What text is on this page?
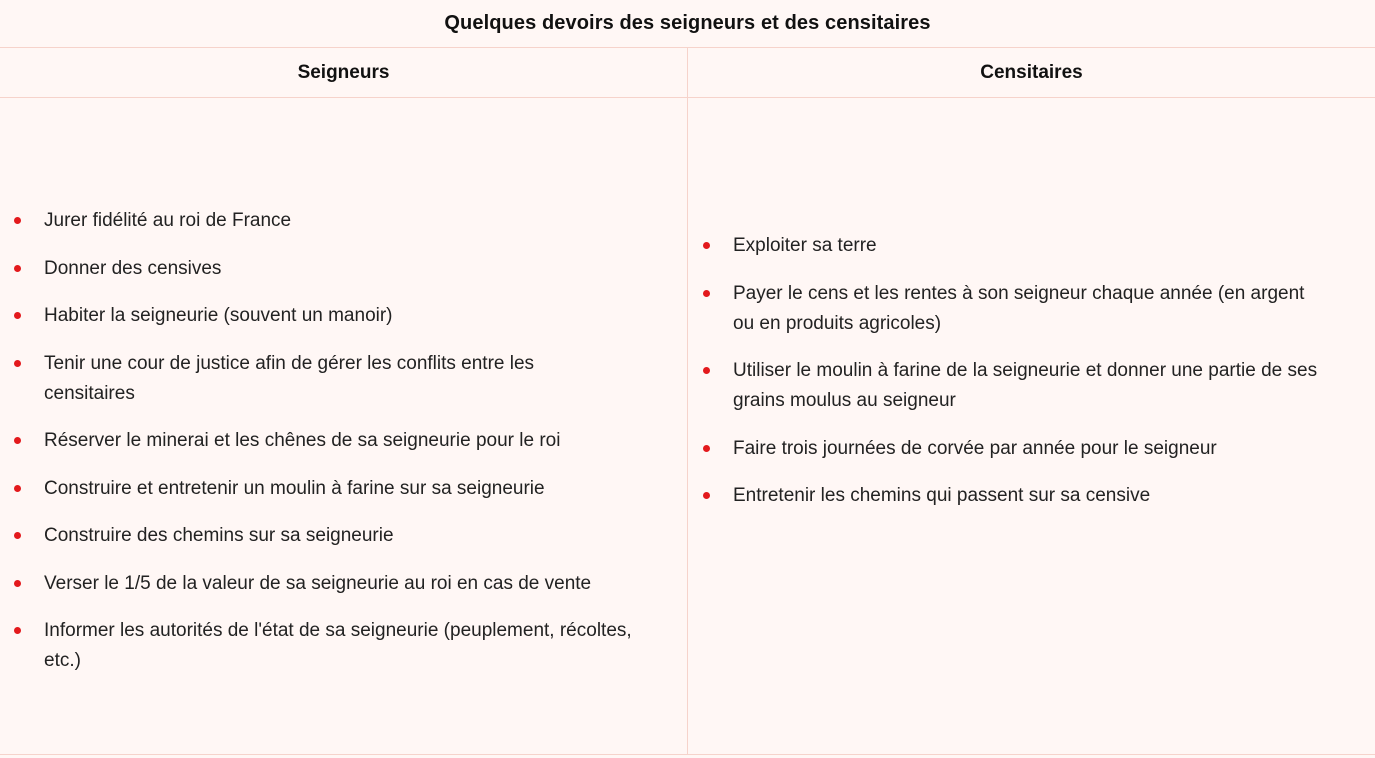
Quelques devoirs des seigneurs et des censitaires
Seigneurs	Censitaires
Jurer fidélité au roi de France
Donner des censives
Habiter la seigneurie (souvent un manoir)
Tenir une cour de justice afin de gérer les conflits entre les censitaires
Réserver le minerai et les chênes de sa seigneurie pour le roi
Construire et entretenir un moulin à farine sur sa seigneurie
Construire des chemins sur sa seigneurie
Verser le 1/5 de la valeur de sa seigneurie au roi en cas de vente
Informer les autorités de l'état de sa seigneurie (peuplement, récoltes, etc.)
Exploiter sa terre
Payer le cens et les rentes à son seigneur chaque année (en argent ou en produits agricoles)
Utiliser le moulin à farine de la seigneurie et donner une partie de ses grains moulus au seigneur
Faire trois journées de corvée par année pour le seigneur
Entretenir les chemins qui passent sur sa censive
